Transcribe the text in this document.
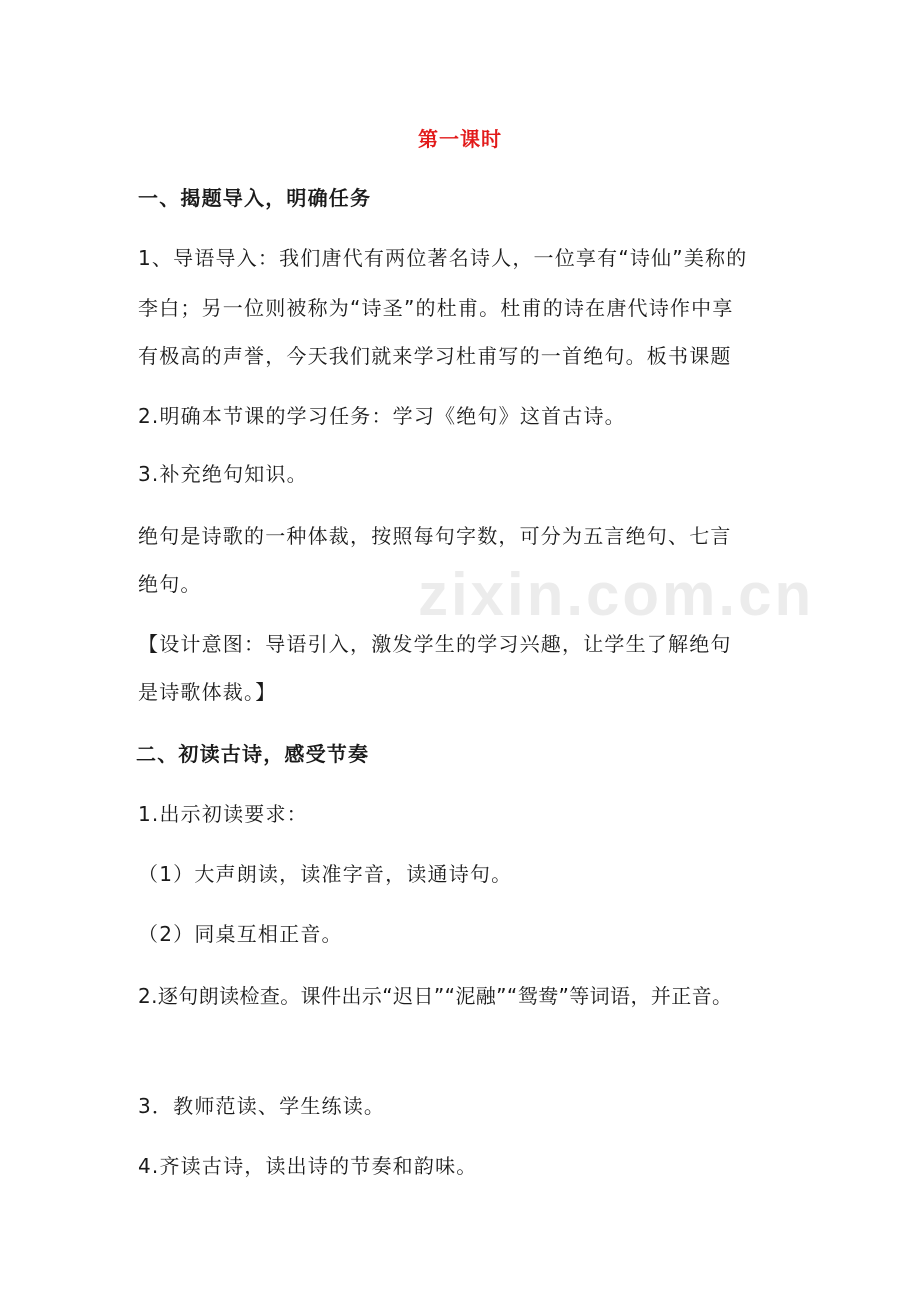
zixin.com.cn
第一课时
一、揭题导入，明确任务
1、导语导入：我们唐代有两位著名诗人，一位享有“诗仙”美称的
李白；另一位则被称为“诗圣”的杜甫。杜甫的诗在唐代诗作中享
有极高的声誉，今天我们就来学习杜甫写的一首绝句。板书课题
2.明确本节课的学习任务：学习《绝句》这首古诗。
3.补充绝句知识。
绝句是诗歌的一种体裁，按照每句字数，可分为五言绝句、七言
绝句。
【设计意图：导语引入，激发学生的学习兴趣，让学生了解绝句
是诗歌体裁。】
二、初读古诗，感受节奏
1.出示初读要求：
（1）大声朗读，读准字音，读通诗句。
（2）同桌互相正音。
2.逐句朗读检查。课件出示“迟日”“泥融”“鸳鸯”等词语，并正音。
3．教师范读、学生练读。
4.齐读古诗，读出诗的节奏和韵味。
